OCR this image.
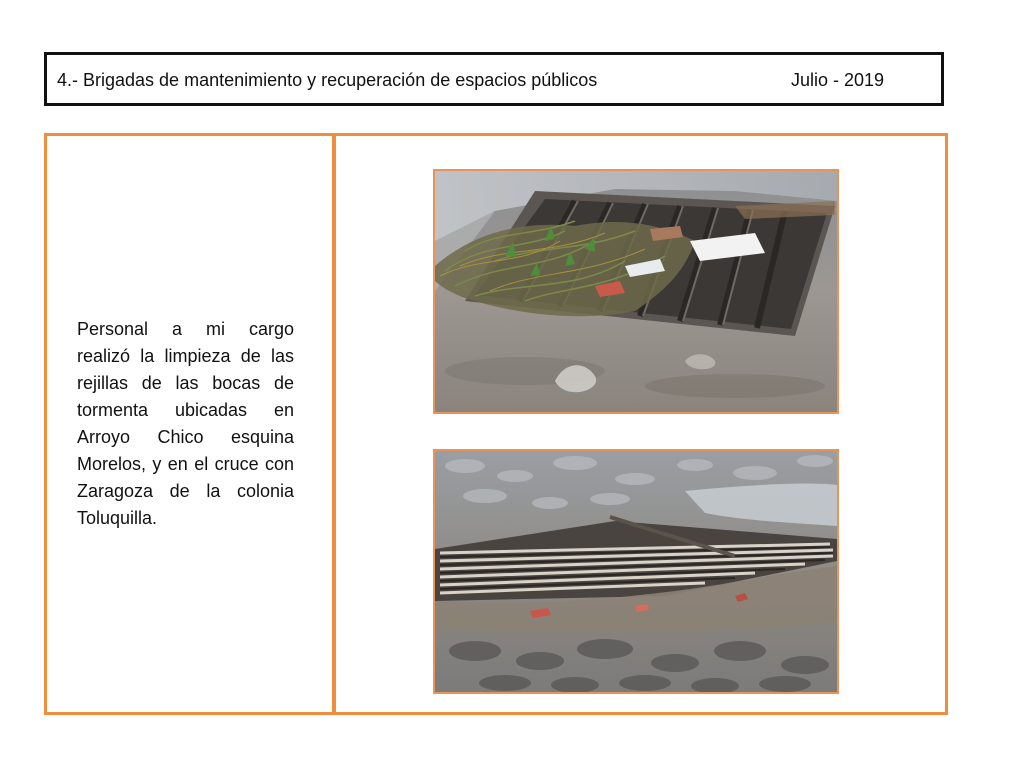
4.- Brigadas de mantenimiento y recuperación de espacios públicos	Julio - 2019

Personal a mi cargo realizó la limpieza de las rejillas de las bocas de tormenta ubicadas en Arroyo Chico esquina Morelos, y en el cruce con Zaragoza de la colonia Toluquilla.
